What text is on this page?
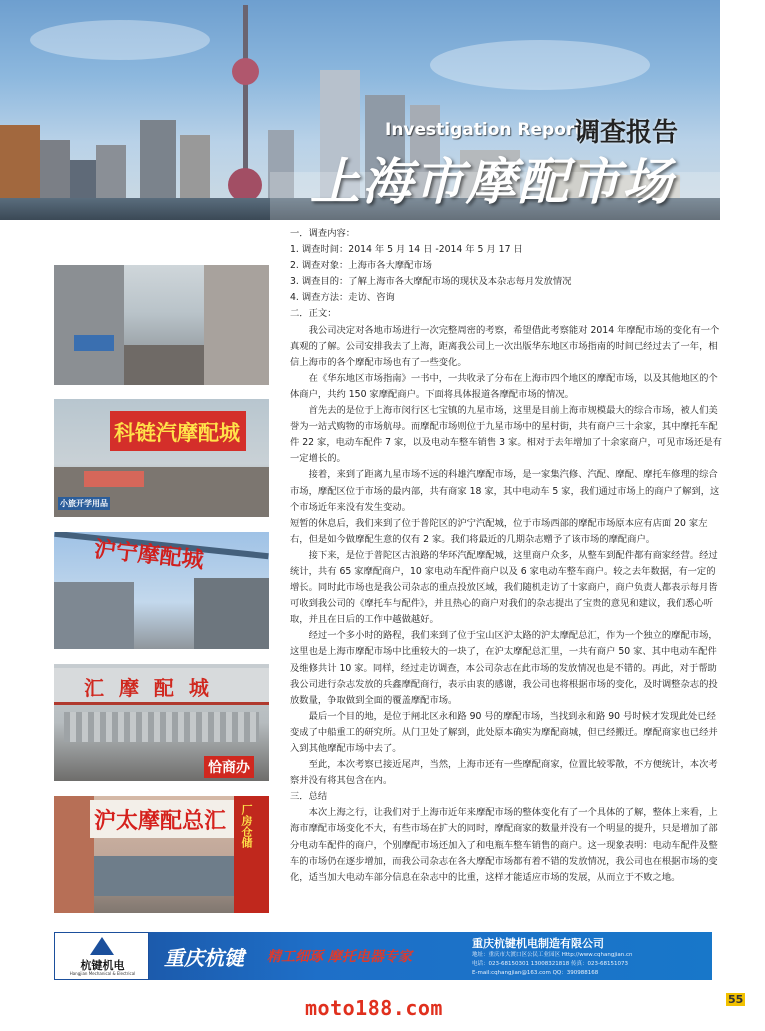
Investigation Report
调查报告
上海市摩配市场
科链汽摩配城
小旅开学用品
沪宁摩配城
汇 摩 配 城
恰商办
沪太摩配总汇 厂房仓储

一．调查内容：

1. 调查时间：2014 年 5 月 14 日 -2014 年 5 月 17 日

2. 调查对象：上海市各大摩配市场

3. 调查目的：了解上海市各大摩配市场的现状及本杂志每月发放情况

4. 调查方法：走访、咨询

二．正文：

我公司决定对各地市场进行一次完整周密的考察，希望借此考察能对 2014 年摩配市场的变化有一个真观的了解。公司安排我去了上海，距离我公司上一次出版华东地区市场指南的时间已经过去了一年，相信上海市的各个摩配市场也有了一些变化。

在《华东地区市场指南》一书中，一共收录了分布在上海市四个地区的摩配市场，以及其他地区的个体商户，共约 150 家摩配商户。下面将具体报道各摩配市场的情况。

首先去的是位于上海市闵行区七宝镇的九星市场，这里是目前上海市规模最大的综合市场，被人们美誉为一站式购物的市场航母。而摩配市场则位于九星市场中的星村街，共有商户三十余家，其中摩托车配件 22 家，电动车配件 7 家，以及电动车整车销售 3 家。相对于去年增加了十余家商户，可见市场还是有一定增长的。

接着，来到了距离九星市场不远的科雄汽摩配市场，是一家集汽修、汽配、摩配、摩托车修理的综合市场，摩配区位于市场的最内部，共有商家 18 家，其中电动车 5 家，我们通过市场上的商户了解到，这个市场近年来没有发生变动。

短暂的休息后，我们来到了位于普陀区的沪宁汽配城，位于市场西部的摩配市场原本应有店面 20 家左右，但是如今做摩配生意的仅有 2 家。我们将最近的几期杂志赠予了该市场的摩配商户。

接下来，是位于普陀区古浪路的华环汽配摩配城，这里商户众多，从整车到配件都有商家经营。经过统计，共有 65 家摩配商户，10 家电动车配件商户以及 6 家电动车整车商户。较之去年数据，有一定的增长。同时此市场也是我公司杂志的重点投放区域，我们随机走访了十家商户，商户负责人都表示每月皆可收到我公司的《摩托车与配件》，并且热心的商户对我们的杂志提出了宝贵的意见和建议，我们悉心听取，并且在日后的工作中越做越好。

经过一个多小时的路程，我们来到了位于宝山区沪太路的沪太摩配总汇，作为一个独立的摩配市场，这里也是上海市摩配市场中比重较大的一块了，在沪太摩配总汇里，一共有商户 50 家、其中电动车配件及维修共计 10 家。同样，经过走访调查，本公司杂志在此市场的发放情况也是不错的。再此，对于帮助我公司进行杂志发放的兵鑫摩配商行，表示由衷的感谢，我公司也将根据市场的变化，及时调整杂志的投放数量，争取做到全面的覆盖摩配市场。

最后一个目的地，是位于闸北区永和路 90 号的摩配市场，当找到永和路 90 号时候才发现此处已经变成了中船重工的研究所。从门卫处了解到，此处原本确实为摩配商城，但已经搬迁。摩配商家也已经并入到其他摩配市场中去了。

至此，本次考察已接近尾声，当然，上海市还有一些摩配商家，位置比较零散，不方便统计，本次考察并没有将其包含在内。

三．总结

本次上海之行，让我们对于上海市近年来摩配市场的整体变化有了一个具体的了解，整体上来看，上海市摩配市场变化不大，有些市场在扩大的同时，摩配商家的数量并没有一个明显的提升，只是增加了部分电动车配件的商户，个别摩配市场还加入了和电瓶车整车销售的商户。这一现象表明：电动车配件及整车的市场仍在逐步增加，而我公司杂志在各大摩配市场都有着不错的发放情况，我公司也在根据市场的变化，适当加大电动车部分信息在杂志中的比重，这样才能适应市场的发展，从而立于不败之地。

杭键机电
Hangjian Mechanical & Electrical
重庆杭键 精工细琢 摩托电器专家
重庆杭键机电制造有限公司
地址：重庆市大渡口区公民工业园区 Http://www.cqhangjian.cn
电话：023-68150301 13008321818 传真：023-68151073
E-mail:cqhangjian@163.com QQ：390988168
moto188.com	55
